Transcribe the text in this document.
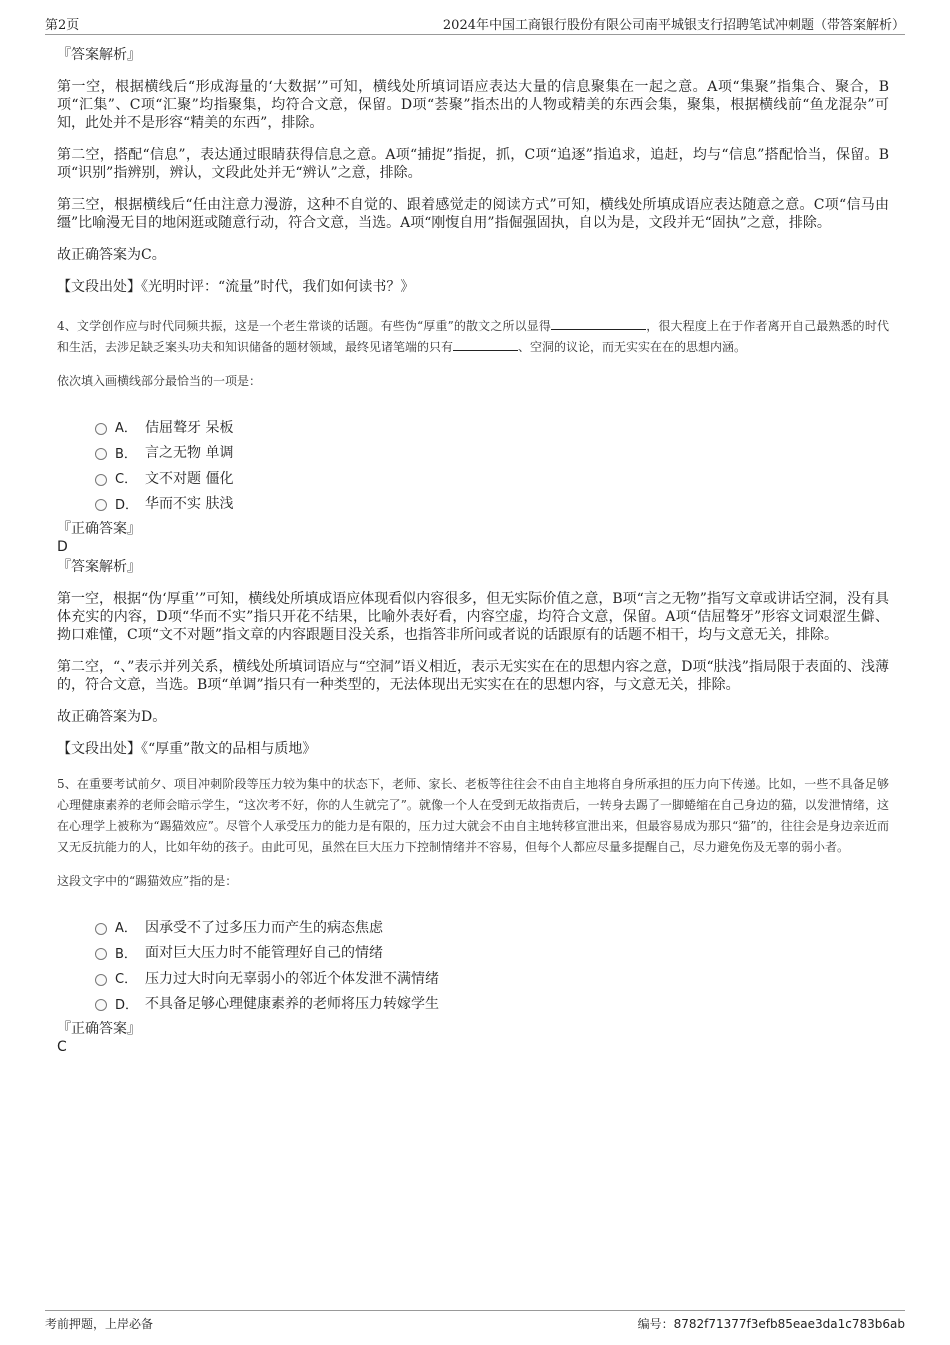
第2页	2024年中国工商银行股份有限公司南平城银支行招聘笔试冲刺题（带答案解析）

『答案解析』

第一空，根据横线后“形成海量的‘大数据’”可知，横线处所填词语应表达大量的信息聚集在一起之意。A项“集聚”指集合、聚合，B项“汇集”、C项“汇聚”均指聚集，均符合文意，保留。D项“荟聚”指杰出的人物或精美的东西会集，聚集，根据横线前“鱼龙混杂”可知，此处并不是形容“精美的东西”，排除。

第二空，搭配“信息”，表达通过眼睛获得信息之意。A项“捕捉”指捉，抓，C项“追逐”指追求，追赶，均与“信息”搭配恰当，保留。B项“识别”指辨别，辨认，文段此处并无“辨认”之意，排除。

第三空，根据横线后“任由注意力漫游，这种不自觉的、跟着感觉走的阅读方式”可知，横线处所填成语应表达随意之意。C项“信马由缰”比喻漫无目的地闲逛或随意行动，符合文意，当选。A项“刚愎自用”指倔强固执，自以为是，文段并无“固执”之意，排除。

故正确答案为C。

【文段出处】《光明时评：“流量”时代，我们如何读书？》

4、文学创作应与时代同频共振，这是一个老生常谈的话题。有些伪“厚重”的散文之所以显得	，很大程度上在于作者离开自己最熟悉的时代和生活，去涉足缺乏案头功夫和知识储备的题材领域，最终见诸笔端的只有	、空洞的议论，而无实实在在的思想内涵。

依次填入画横线部分最恰当的一项是：

A． 佶屈聱牙 呆板
B． 言之无物 单调
C． 文不对题 僵化
D． 华而不实 肤浅

『正确答案』

D

『答案解析』

第一空，根据“伪‘厚重’”可知，横线处所填成语应体现看似内容很多，但无实际价值之意，B项“言之无物”指写文章或讲话空洞，没有具体充实的内容，D项“华而不实”指只开花不结果，比喻外表好看，内容空虚，均符合文意，保留。A项“佶屈聱牙”形容文词艰涩生僻、拗口难懂，C项“文不对题”指文章的内容跟题目没关系，也指答非所问或者说的话跟原有的话题不相干，均与文意无关，排除。

第二空，“、”表示并列关系，横线处所填词语应与“空洞”语义相近，表示无实实在在的思想内容之意，D项“肤浅”指局限于表面的、浅薄的，符合文意，当选。B项“单调”指只有一种类型的，无法体现出无实实在在的思想内容，与文意无关，排除。

故正确答案为D。

【文段出处】《“厚重”散文的品相与质地》

5、在重要考试前夕、项目冲刺阶段等压力较为集中的状态下，老师、家长、老板等往往会不由自主地将自身所承担的压力向下传递。比如，一些不具备足够心理健康素养的老师会暗示学生，“这次考不好，你的人生就完了”。就像一个人在受到无故指责后，一转身去踢了一脚蜷缩在自己身边的猫，以发泄情绪，这在心理学上被称为“踢猫效应”。尽管个人承受压力的能力是有限的，压力过大就会不由自主地转移宣泄出来，但最容易成为那只“猫”的，往往会是身边亲近而又无反抗能力的人，比如年幼的孩子。由此可见，虽然在巨大压力下控制情绪并不容易，但每个人都应尽量多提醒自己，尽力避免伤及无辜的弱小者。

这段文字中的“踢猫效应”指的是：

A． 因承受不了过多压力而产生的病态焦虑
B． 面对巨大压力时不能管理好自己的情绪
C． 压力过大时向无辜弱小的邻近个体发泄不满情绪
D． 不具备足够心理健康素养的老师将压力转嫁学生

『正确答案』

C

考前押题，上岸必备	编号：8782f71377f3efb85eae3da1c783b6ab
